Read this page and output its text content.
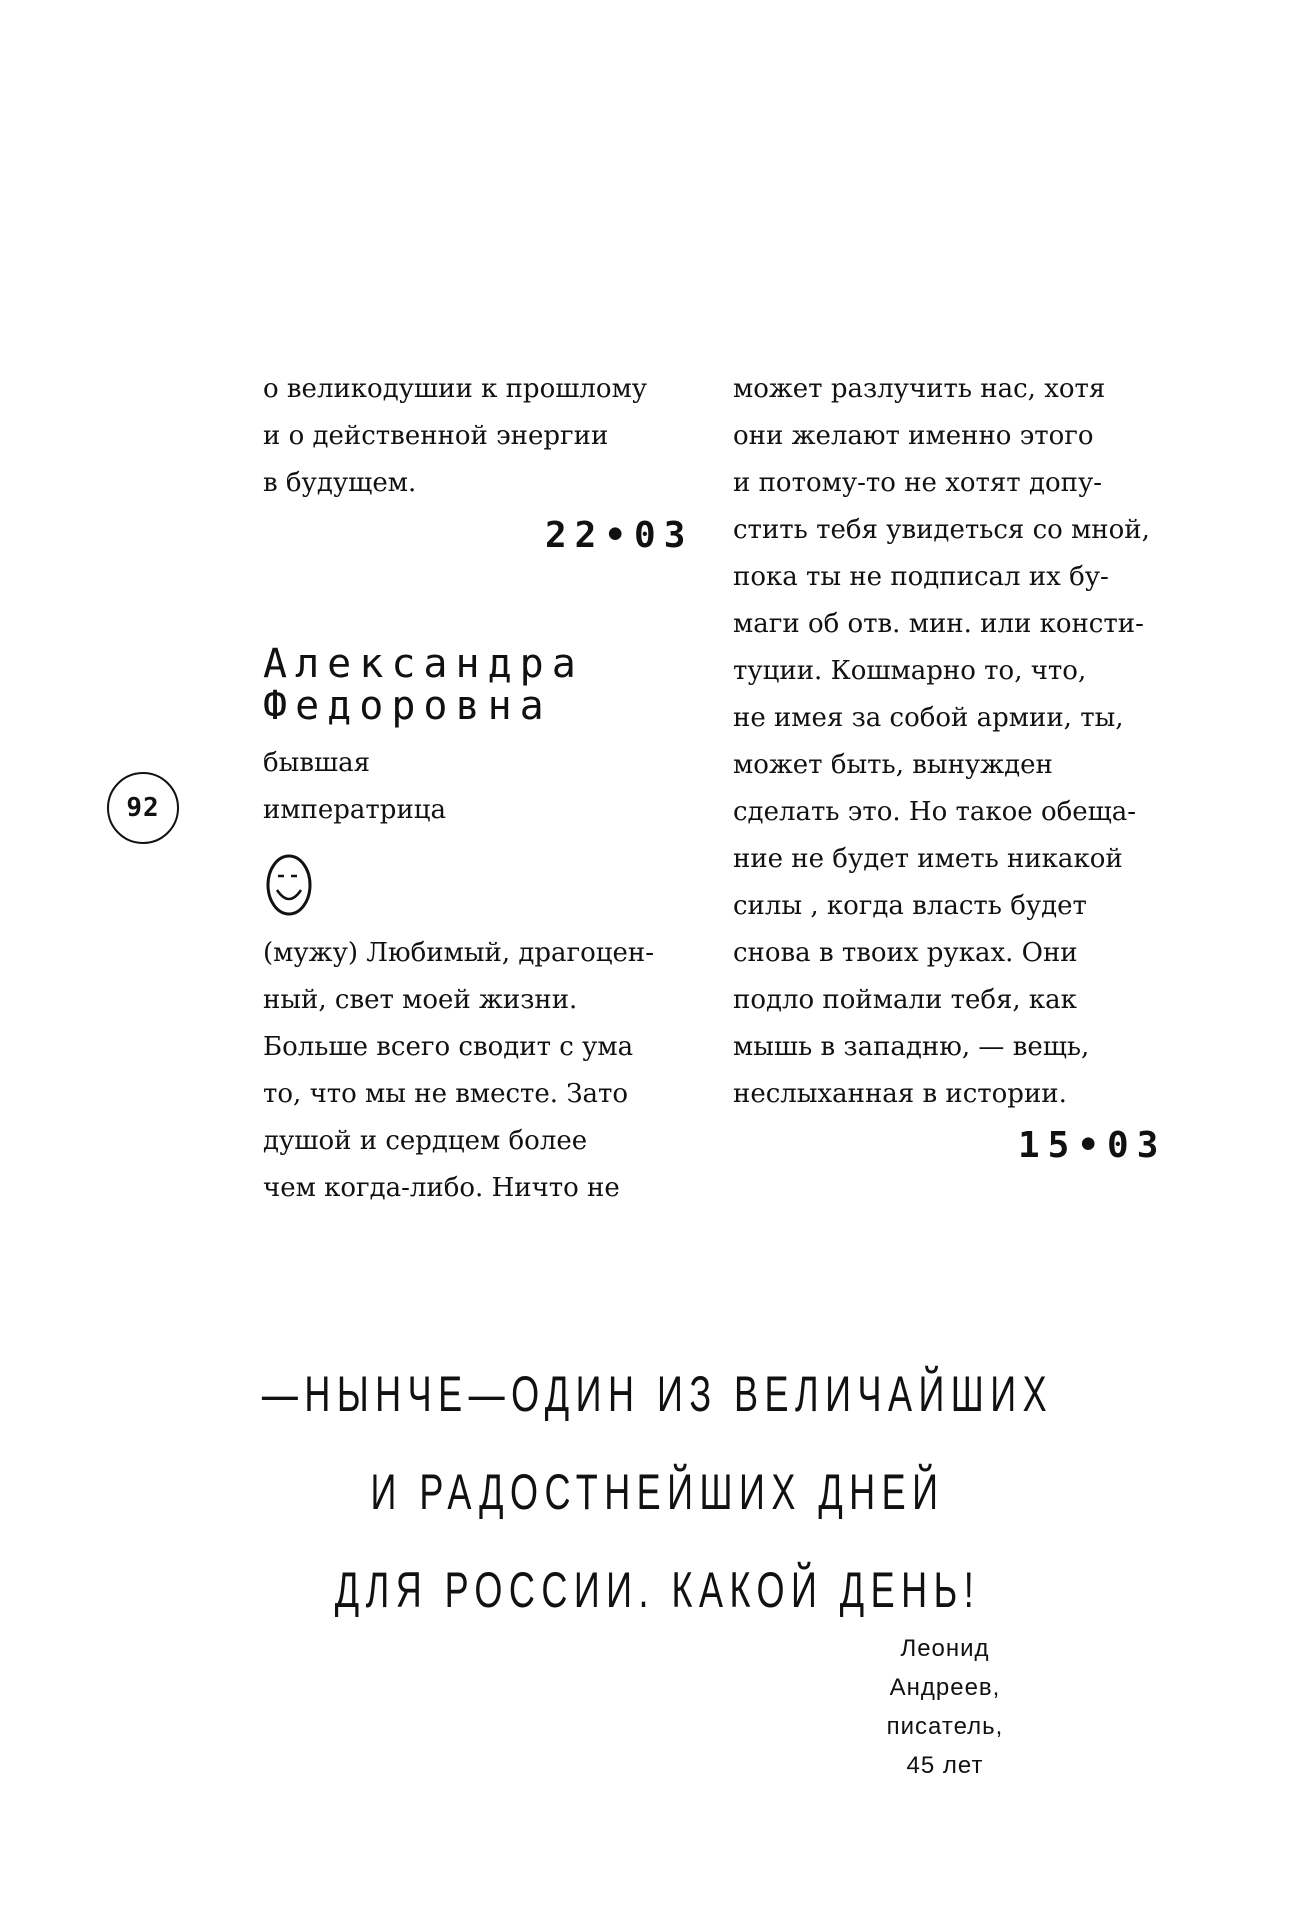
о великодушии к прошлому

и о действенной энергии

в будущем.

22•03
Александра
Федоровна

бывшая

императрица

(мужу) Любимый, драгоцен-

ный, свет моей жизни.

Больше всего сводит с ума

то, что мы не вместе. Зато

душой и сердцем более

чем когда-либо. Ничто не

может разлучить нас, хотя

они желают именно этого

и потому-то не хотят допу-

стить тебя увидеться со мной,

пока ты не подписал их бу-

маги об отв. мин. или консти-

туции. Кошмарно то, что,

не имея за собой армии, ты,

может быть, вынужден

сделать это. Но такое обеща-

ние не будет иметь никакой

силы , когда власть будет

снова в твоих руках. Они

подло поймали тебя, как

мышь в западню, — вещь,

неслыханная в истории.

15•03
92

—НЫНЧЕ—ОДИН ИЗ ВЕЛИЧАЙШИХ

И РАДОСТНЕЙШИХ ДНЕЙ

ДЛЯ РОССИИ. КАКОЙ ДЕНЬ!

Леонид

Андреев,

писатель,

45 лет
